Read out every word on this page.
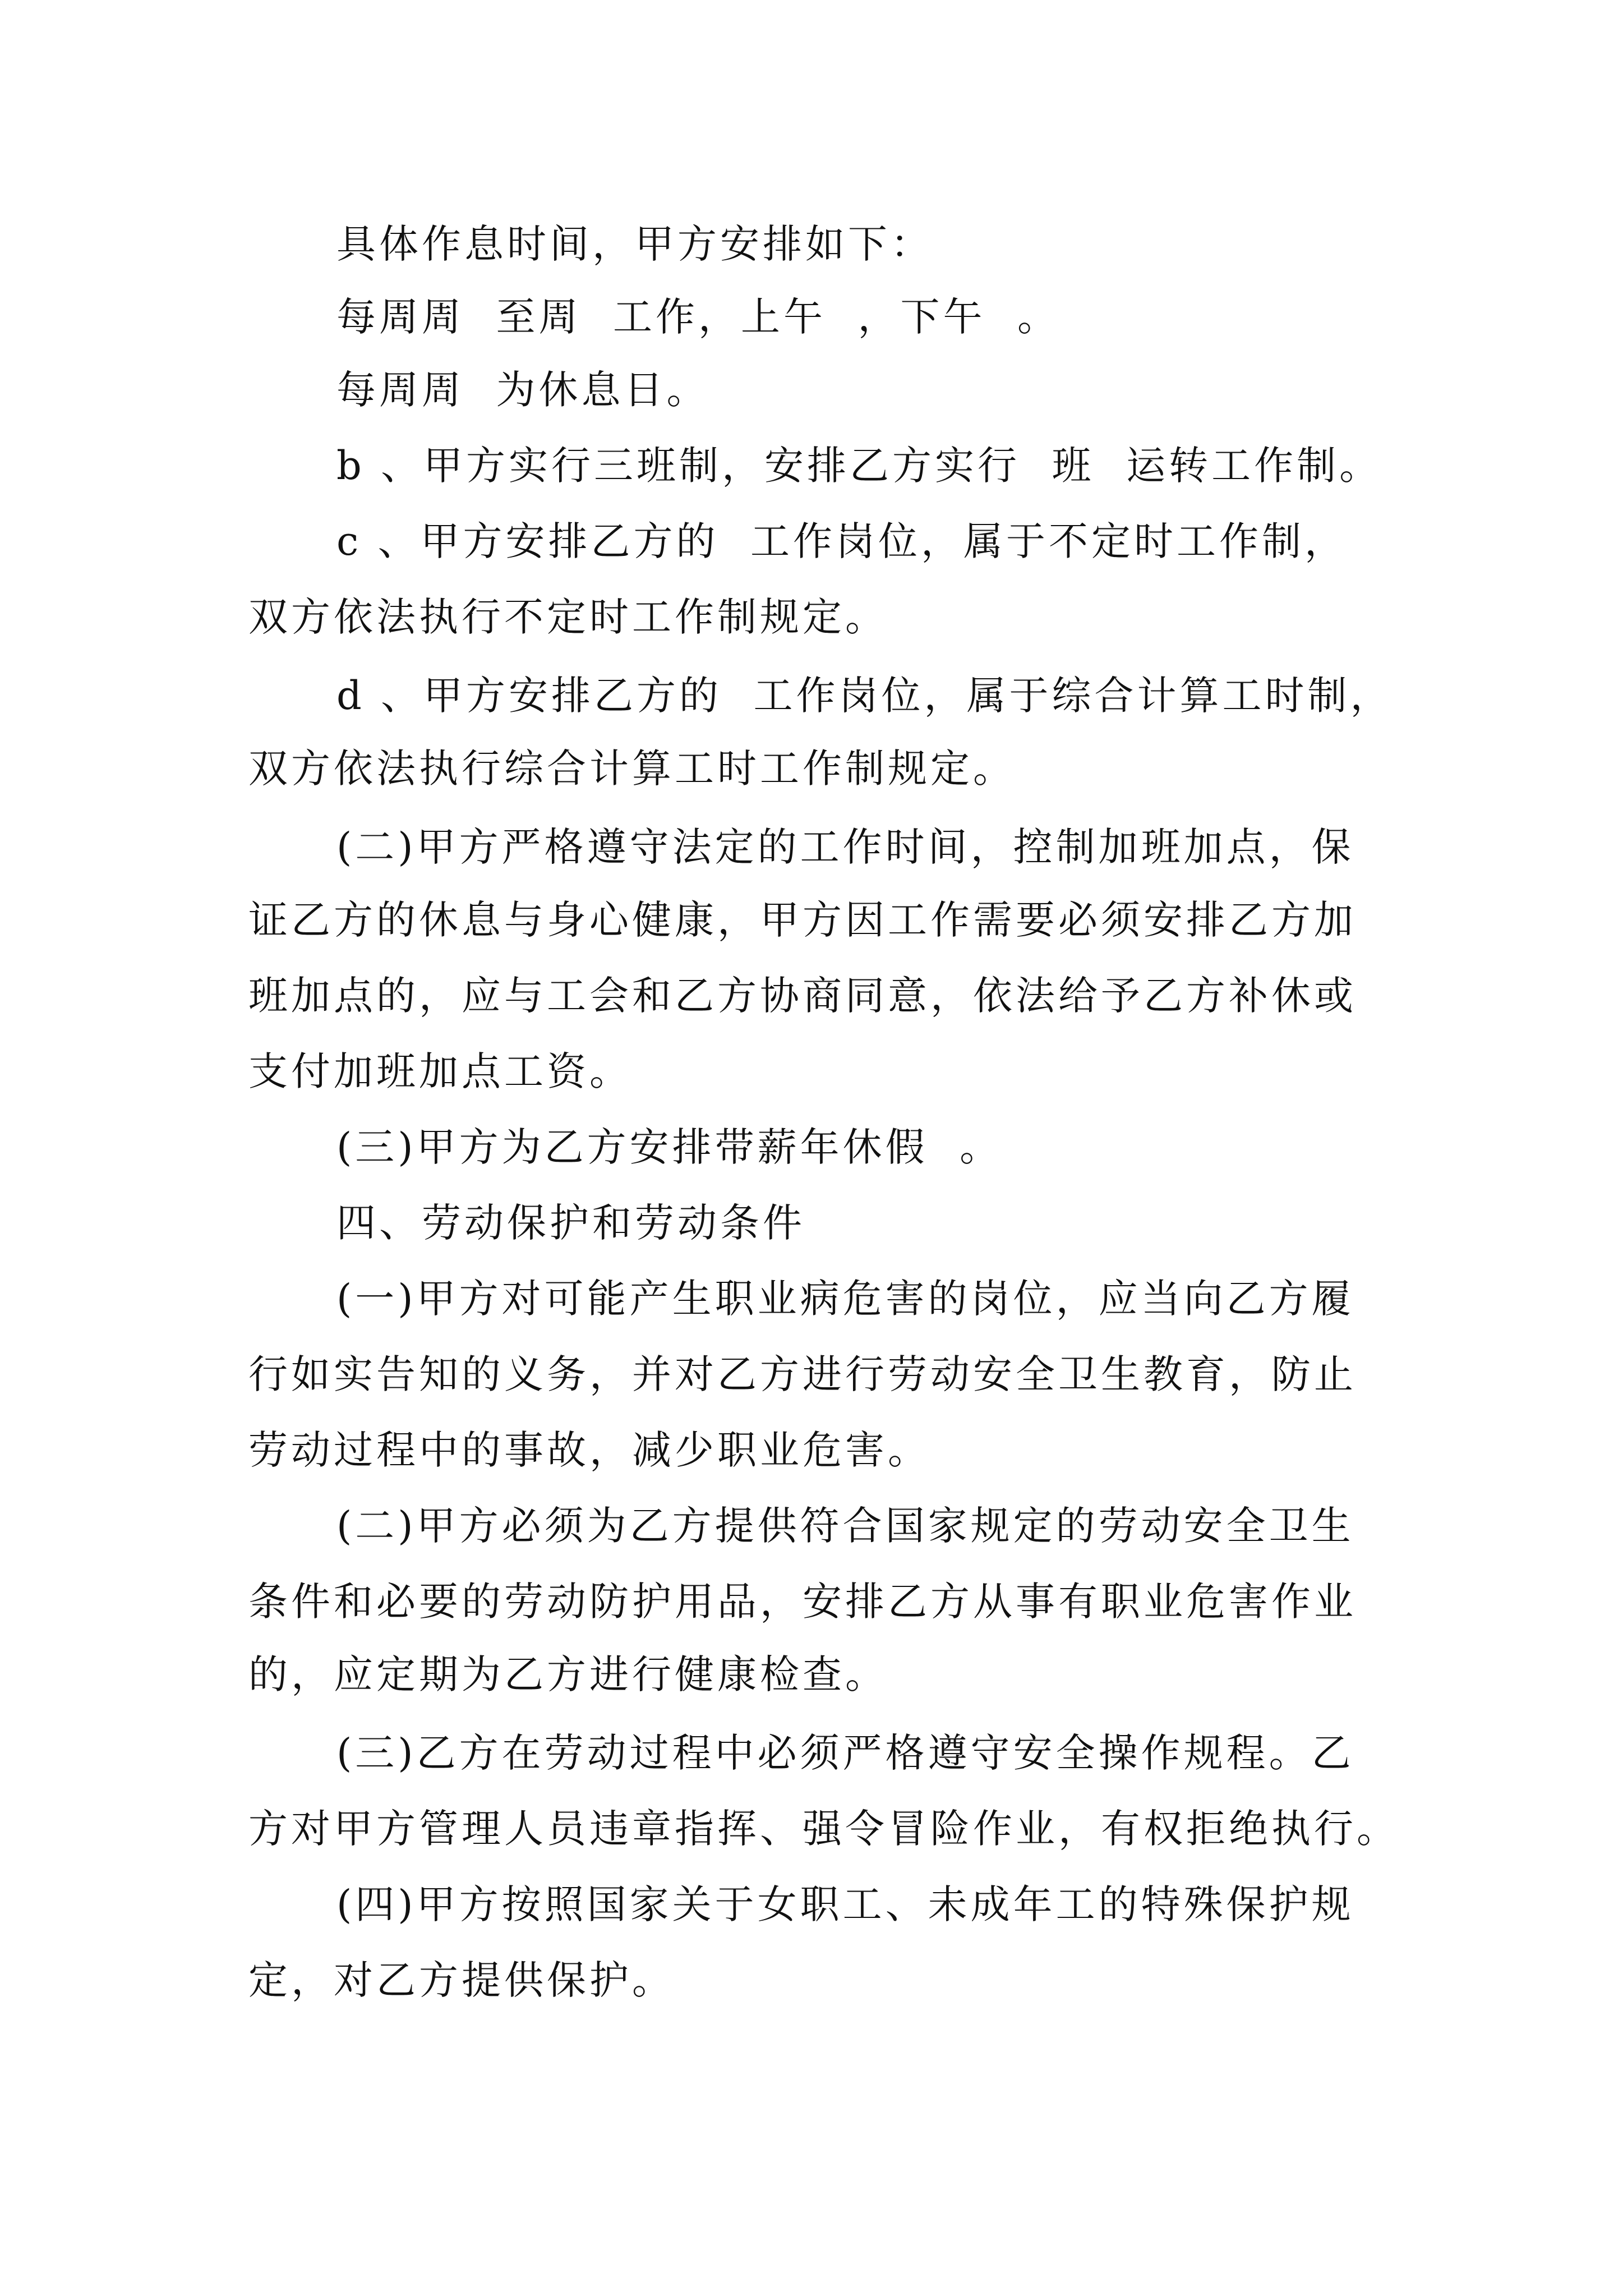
具体作息时间，甲方安排如下：
每周周  至周  工作，上午  ，下午  。
每周周  为休息日。
b 、甲方实行三班制，安排乙方实行  班  运转工作制。
c 、甲方安排乙方的  工作岗位，属于不定时工作制，
双方依法执行不定时工作制规定。
d 、甲方安排乙方的  工作岗位，属于综合计算工时制，
双方依法执行综合计算工时工作制规定。
(二)甲方严格遵守法定的工作时间，控制加班加点，保
证乙方的休息与身心健康，甲方因工作需要必须安排乙方加
班加点的，应与工会和乙方协商同意，依法给予乙方补休或
支付加班加点工资。
(三)甲方为乙方安排带薪年休假  。
四、劳动保护和劳动条件
(一)甲方对可能产生职业病危害的岗位，应当向乙方履
行如实告知的义务，并对乙方进行劳动安全卫生教育，防止
劳动过程中的事故，减少职业危害。
(二)甲方必须为乙方提供符合国家规定的劳动安全卫生
条件和必要的劳动防护用品，安排乙方从事有职业危害作业
的，应定期为乙方进行健康检查。
(三)乙方在劳动过程中必须严格遵守安全操作规程。乙
方对甲方管理人员违章指挥、强令冒险作业，有权拒绝执行。
(四)甲方按照国家关于女职工、未成年工的特殊保护规
定，对乙方提供保护。
